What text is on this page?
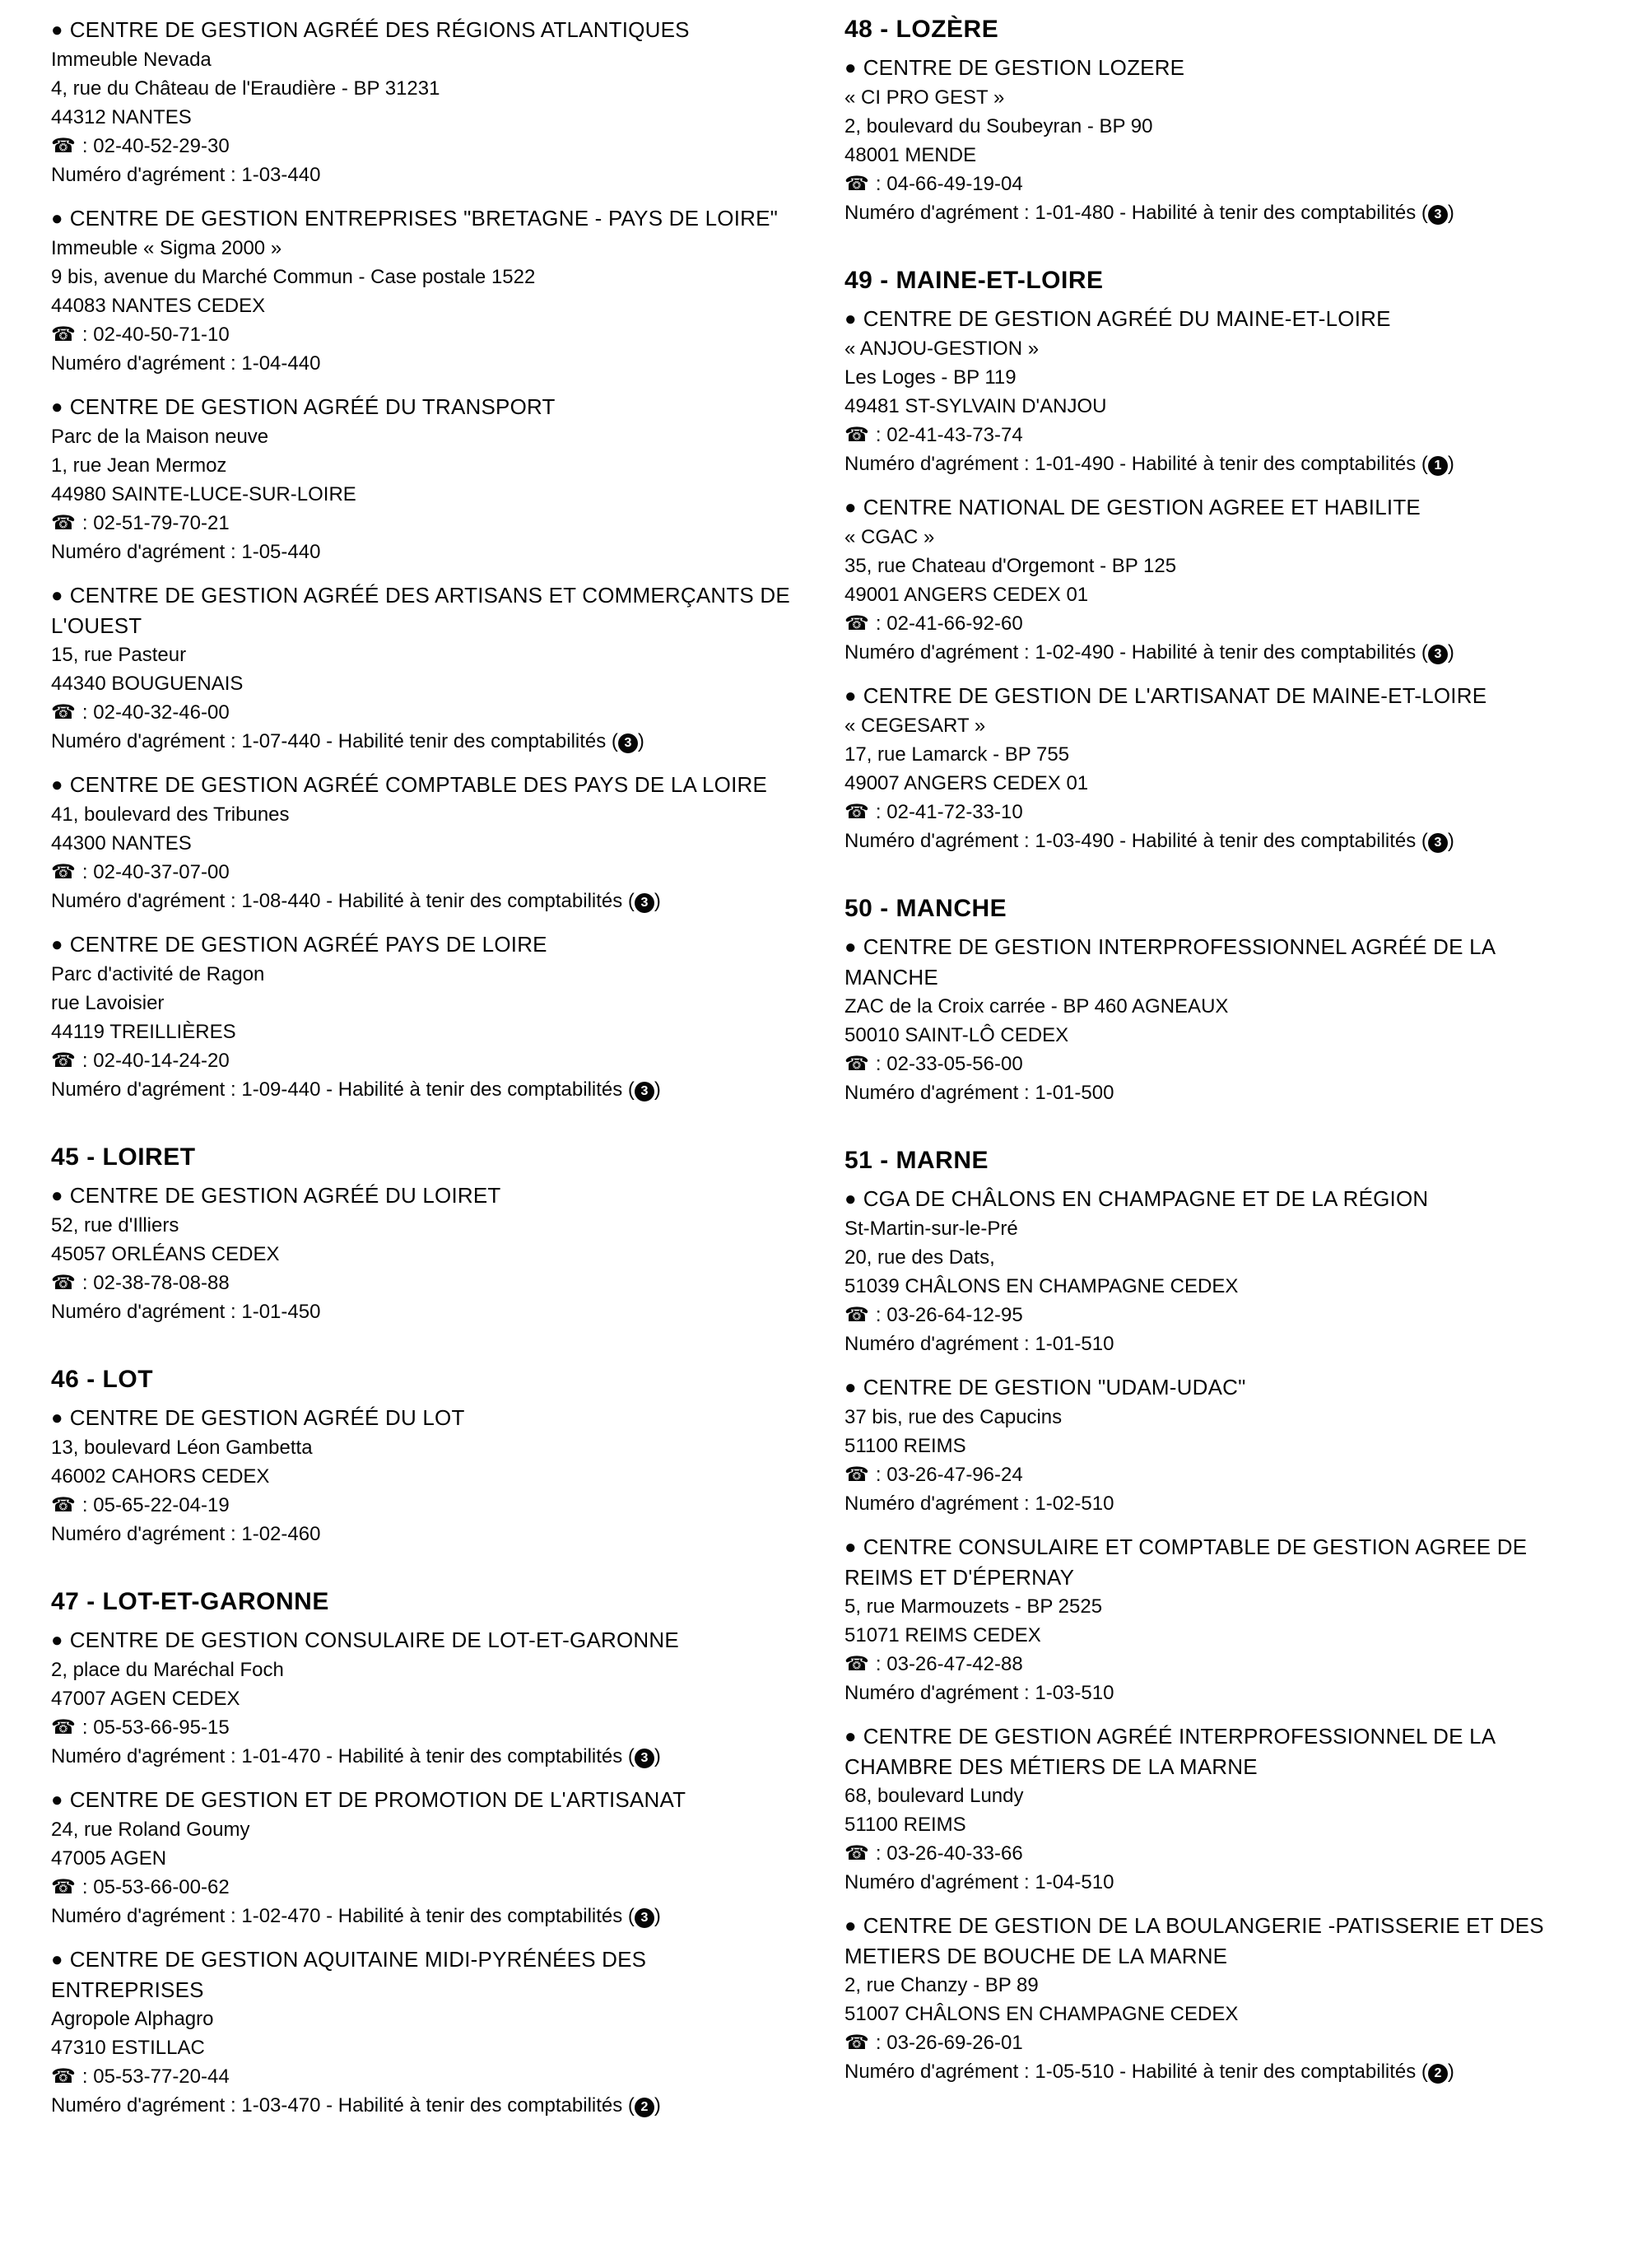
● CENTRE DE GESTION AGRÉÉ DES RÉGIONS ATLANTIQUES
Immeuble Nevada
4, rue du Château de l'Eraudière - BP 31231
44312 NANTES
☎ : 02-40-52-29-30
Numéro d'agrément : 1-03-440
● CENTRE DE GESTION ENTREPRISES "BRETAGNE - PAYS DE LOIRE"
Immeuble « Sigma 2000 »
9 bis, avenue du Marché Commun - Case postale 1522
44083 NANTES CEDEX
☎ : 02-40-50-71-10
Numéro d'agrément : 1-04-440
● CENTRE DE GESTION AGRÉÉ DU TRANSPORT
Parc de la Maison neuve
1, rue Jean Mermoz
44980 SAINTE-LUCE-SUR-LOIRE
☎ : 02-51-79-70-21
Numéro d'agrément : 1-05-440
● CENTRE DE GESTION AGRÉÉ DES ARTISANS ET COMMERÇANTS DE L'OUEST
15, rue Pasteur
44340 BOUGUENAIS
☎ : 02-40-32-46-00
Numéro d'agrément : 1-07-440 - Habilité tenir des comptabilités ( 3 )
● CENTRE DE GESTION AGRÉÉ COMPTABLE DES PAYS DE LA LOIRE
41, boulevard des Tribunes
44300 NANTES
☎ : 02-40-37-07-00
Numéro d'agrément : 1-08-440 - Habilité à tenir des comptabilités ( 3 )
● CENTRE DE GESTION AGRÉÉ PAYS DE LOIRE
Parc d'activité de Ragon
rue Lavoisier
44119 TREILLIÈRES
☎ : 02-40-14-24-20
Numéro d'agrément : 1-09-440 - Habilité à tenir des comptabilités ( 3 )
45 - LOIRET
● CENTRE DE GESTION AGRÉÉ DU LOIRET
52, rue d'Illiers
45057 ORLÉANS CEDEX
☎ : 02-38-78-08-88
Numéro d'agrément : 1-01-450
46 - LOT
● CENTRE DE GESTION AGRÉÉ DU LOT
13, boulevard Léon Gambetta
46002 CAHORS CEDEX
☎ : 05-65-22-04-19
Numéro d'agrément : 1-02-460
47 - LOT-ET-GARONNE
● CENTRE DE GESTION CONSULAIRE DE LOT-ET-GARONNE
2, place du Maréchal Foch
47007 AGEN CEDEX
☎ : 05-53-66-95-15
Numéro d'agrément : 1-01-470 - Habilité à tenir des comptabilités ( 3 )
● CENTRE DE GESTION ET DE PROMOTION DE L'ARTISANAT
24, rue Roland Goumy
47005 AGEN
☎ : 05-53-66-00-62
Numéro d'agrément : 1-02-470 - Habilité à tenir des comptabilités ( 3 )
● CENTRE DE GESTION AQUITAINE MIDI-PYRÉNÉES DES ENTREPRISES
Agropole Alphagro
47310 ESTILLAC
☎ : 05-53-77-20-44
Numéro d'agrément : 1-03-470 - Habilité à tenir des comptabilités ( 2 )
48 - LOZÈRE
● CENTRE DE GESTION LOZERE
« CI PRO GEST »
2, boulevard du Soubeyran - BP 90
48001 MENDE
☎ : 04-66-49-19-04
Numéro d'agrément : 1-01-480 - Habilité à tenir des comptabilités ( 3 )
49 - MAINE-ET-LOIRE
● CENTRE DE GESTION AGRÉÉ DU MAINE-ET-LOIRE
« ANJOU-GESTION »
Les Loges - BP 119
49481 ST-SYLVAIN D'ANJOU
☎ : 02-41-43-73-74
Numéro d'agrément : 1-01-490 - Habilité à tenir des comptabilités ( 1 )
● CENTRE NATIONAL DE GESTION AGREE ET HABILITE
« CGAC »
35, rue Chateau d'Orgemont - BP 125
49001 ANGERS CEDEX 01
☎ : 02-41-66-92-60
Numéro d'agrément : 1-02-490 - Habilité à tenir des comptabilités ( 3 )
● CENTRE DE GESTION DE L'ARTISANAT DE MAINE-ET-LOIRE
« CEGESART »
17, rue Lamarck - BP 755
49007 ANGERS CEDEX 01
☎ : 02-41-72-33-10
Numéro d'agrément : 1-03-490 - Habilité à tenir des comptabilités ( 3 )
50 - MANCHE
● CENTRE DE GESTION INTERPROFESSIONNEL AGRÉÉ DE LA MANCHE
ZAC de la Croix carrée - BP 460 AGNEAUX
50010 SAINT-LÔ CEDEX
☎ : 02-33-05-56-00
Numéro d'agrément : 1-01-500
51 - MARNE
● CGA DE CHÂLONS EN CHAMPAGNE ET DE LA RÉGION
St-Martin-sur-le-Pré
20, rue des Dats,
51039 CHÂLONS EN CHAMPAGNE CEDEX
☎ : 03-26-64-12-95
Numéro d'agrément : 1-01-510
● CENTRE DE GESTION "UDAM-UDAC"
37 bis, rue des Capucins
51100 REIMS
☎ : 03-26-47-96-24
Numéro d'agrément : 1-02-510
● CENTRE CONSULAIRE ET COMPTABLE DE GESTION AGREE DE REIMS ET D'ÉPERNAY
5, rue Marmouzets - BP 2525
51071 REIMS CEDEX
☎ : 03-26-47-42-88
Numéro d'agrément : 1-03-510
● CENTRE DE GESTION AGRÉÉ INTERPROFESSIONNEL DE LA CHAMBRE DES MÉTIERS DE LA MARNE
68, boulevard Lundy
51100 REIMS
☎ : 03-26-40-33-66
Numéro d'agrément : 1-04-510
● CENTRE DE GESTION DE LA BOULANGERIE -PATISSERIE ET DES METIERS DE BOUCHE DE LA MARNE
2, rue Chanzy - BP 89
51007 CHÂLONS EN CHAMPAGNE CEDEX
☎ : 03-26-69-26-01
Numéro d'agrément : 1-05-510 - Habilité à tenir des comptabilités ( 2 )
